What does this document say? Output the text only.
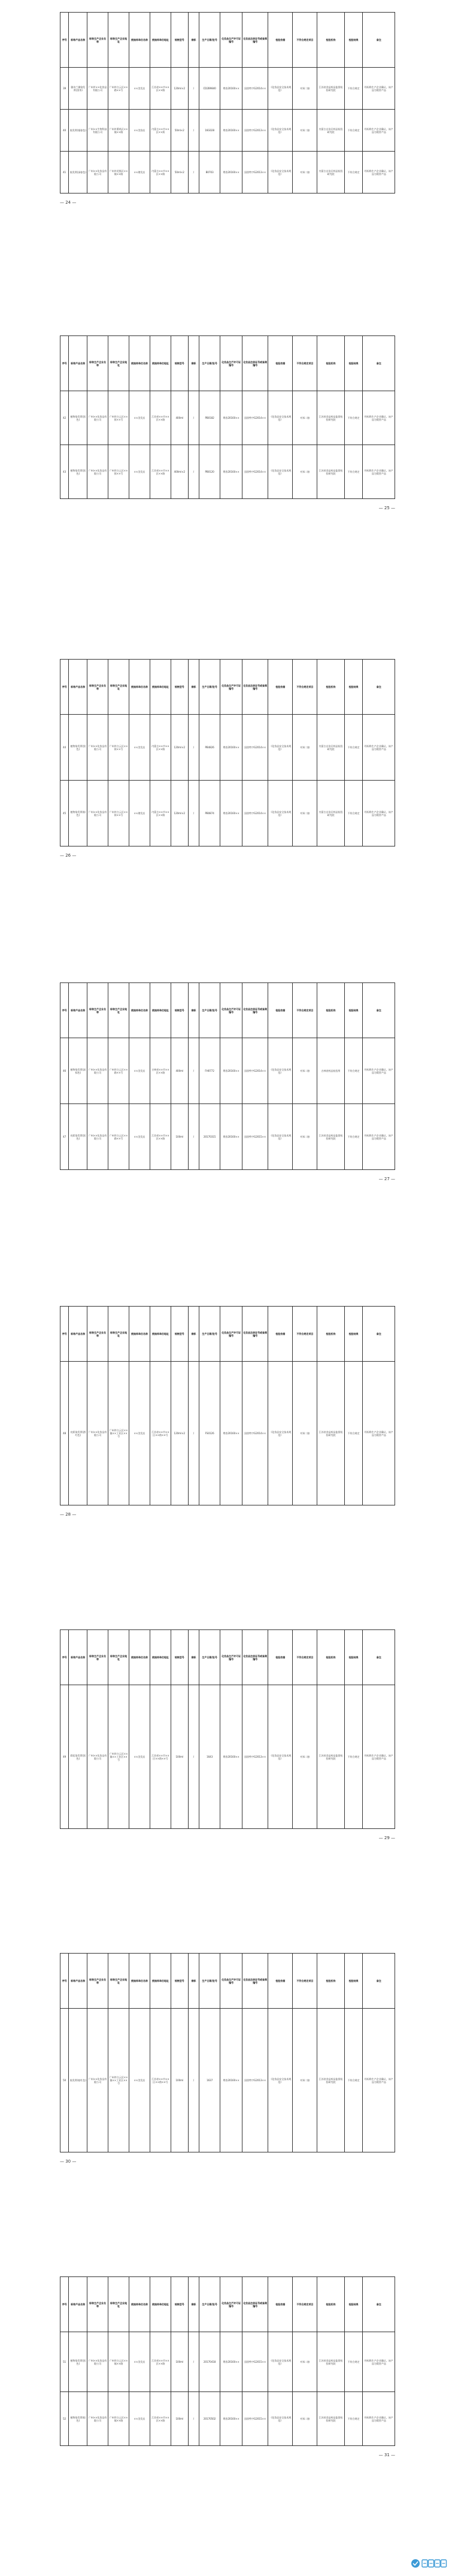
序号	标称产品名称	标称生产企业名称	标称生产企业地址	被抽样单位名称	被抽样单位地址	规格型号	商标	生产日期/批号	化妆品生产许可证编号	化妆品注册证号或备案编号	检验依据	不符合规定项目	检验机构	检验结果	备注
39	雅诗兰黛染发膏(黑茶)	广州市××化妆品有限公司	广州市白云区××路××号	××美发店	江苏省××市××区××路	120ml×2	/	CD2B9840	粤妆20160××	国妆特字G2014××	《化妆品安全技术规范》	对苯二胺	江苏省食品药品监督检验研究院	不符合规定	经标称生产企业确认，该产品为假冒产品
40	染发膏(栗棕色)	广州××生物科技有限公司	广州市番禺区××镇××路	××美容店	内蒙古××市××区××街	50ml×2	/	16G028	粤妆20160××	国妆特字G2013××	《化妆品安全技术规范》	对苯二胺	内蒙古自治区药品检验研究院	不符合规定	经标称生产企业确认，该产品为假冒产品
41	染发膏(深棕色)	广州××化妆品有限公司	广州市花都区××镇××路	××理发店	内蒙古××市××区××路	50ml×2	/	B0703	粤妆20160××	国妆特字G2013××	《化妆品安全技术规范》	对苯二胺	内蒙古自治区药品检验研究院	不符合规定	经标称生产企业确认，该产品为假冒产品
— 24 —
序号	标称产品名称	标称生产企业名称	标称生产企业地址	被抽样单位名称	被抽样单位地址	规格型号	商标	生产日期/批号	化妆品生产许可证编号	化妆品注册证号或备案编号	检验依据	不符合规定项目	检验机构	检验结果	备注
42	植物染发膏(黑色)	广州××化妆品有限公司	广州市白云区××街××号	××美发店	江苏省××市××区××路	400ml	/	PB0182	粤妆20160××	国妆特字G2014××	《化妆品安全技术规范》	对苯二胺	江苏省食品药品监督检验研究院	不符合规定	经标称生产企业确认，该产品为假冒产品
43	植物染发膏(黑色)	广州××化妆品有限公司	广州市白云区××街××号	××美发店	江苏省××市××区××路	400ml×2	/	PB0120	粤妆20160××	国妆特字G2014××	《化妆品安全技术规范》	对苯二胺	江苏省食品药品监督检验研究院	不符合规定	经标称生产企业确认，该产品为假冒产品
— 25 —
序号	标称产品名称	标称生产企业名称	标称生产企业地址	被抽样单位名称	被抽样单位地址	规格型号	商标	生产日期/批号	化妆品生产许可证编号	化妆品注册证号或备案编号	检验依据	不符合规定项目	检验机构	检验结果	备注
44	植物染发膏(黑色)	广州××化妆品有限公司	广州市白云区××街××号	××美发店	内蒙古××市××区××路	120ml×2	/	PB4826	粤妆20160××	国妆特字G2014××	《化妆品安全技术规范》	对苯二胺	内蒙古自治区药品检验研究院	不符合规定	经标称生产企业确认，该产品为假冒产品
45	植物染发膏(棕色)	广州××化妆品有限公司	广州市白云区××街××号	××理发店	内蒙古××市××区××路	120ml×2	/	PB0874	粤妆20160××	国妆特字G2014××	《化妆品安全技术规范》	对苯二胺	内蒙古自治区药品检验研究院	不符合规定	经标称生产企业确认，该产品为假冒产品
— 26 —
序号	标称产品名称	标称生产企业名称	标称生产企业地址	被抽样单位名称	被抽样单位地址	规格型号	商标	生产日期/批号	化妆品生产许可证编号	化妆品注册证号或备案编号	检验依据	不符合规定项目	检验机构	检验结果	备注
46	植物染发膏(深棕色)	广州××化妆品有限公司	广州市白云区××路××号	××美发店	吉林省××市××区××路	400ml	/	FH0772	粤妆20160××	国妆特字G2014××	《化妆品安全技术规范》	对苯二胺	吉林省药品检验所	不符合规定	经标称生产企业确认，该产品为假冒产品
47	亮彩染发膏(黑色)	广州××化妆品有限公司	广州市白云区××路××号	××美发店	江苏省××市××区××路	100ml	/	20170315	粤妆20160××	国妆特字G2015××	《化妆品安全技术规范》	对苯二胺	江苏省食品药品监督检验研究院	不符合规定	经标称生产企业确认，该产品为假冒产品
— 27 —
序号	标称产品名称	标称生产企业名称	标称生产企业地址	被抽样单位名称	被抽样单位地址	规格型号	商标	生产日期/批号	化妆品生产许可证编号	化妆品注册证号或备案编号	检验依据	不符合规定项目	检验机构	检验结果	备注
48	亮彩染发膏(酒红色)	广州××化妆品有限公司	广州市白云区××镇××工业区××号	××美发店	江苏省××市××区××路××号	120ml×2	/	FS0126	粤妆20160××	国妆特字G2014××	《化妆品安全技术规范》	对苯二胺	江苏省食品药品监督检验研究院	不符合规定	经标称生产企业确认，该产品为假冒产品
— 28 —
序号	标称产品名称	标称生产企业名称	标称生产企业地址	被抽样单位名称	被抽样单位地址	规格型号	商标	生产日期/批号	化妆品生产许可证编号	化妆品注册证号或备案编号	检验依据	不符合规定项目	检验机构	检验结果	备注
49	彩虹染发膏(黑色)	广州××化妆品有限公司	广州市白云区××镇××工业区××号	××美发店	江苏省××市××区××路××号	100ml	/	1643	粤妆20160××	国妆特字G2013××	《化妆品安全技术规范》	对苯二胺	江苏省食品药品监督检验研究院	不符合规定	经标称生产企业确认，该产品为假冒产品
— 29 —
序号	标称产品名称	标称生产企业名称	标称生产企业地址	被抽样单位名称	被抽样单位地址	规格型号	商标	生产日期/批号	化妆品生产许可证编号	化妆品注册证号或备案编号	检验依据	不符合规定项目	检验机构	检验结果	备注
50	染发膏(棕红色)	广州××化妆品有限公司	广州市白云区××镇××工业区××号	××美发店	江苏省××市××区××路××号	100ml	/	1637	粤妆20160××	国妆特字G2013××	《化妆品安全技术规范》	对苯二胺	江苏省食品药品监督检验研究院	不符合规定	经标称生产企业确认，该产品为假冒产品
— 30 —
序号	标称产品名称	标称生产企业名称	标称生产企业地址	被抽样单位名称	被抽样单位地址	规格型号	商标	生产日期/批号	化妆品生产许可证编号	化妆品注册证号或备案编号	检验依据	不符合规定项目	检验机构	检验结果	备注
51	植物染发膏(黑色)	广州××化妆品有限公司	广州市白云区××镇××路	××美发店	江苏省××市××区××路	100ml	/	20170418	粤妆20160××	国妆特字G2015××	《化妆品安全技术规范》	对苯二胺	江苏省食品药品监督检验研究院	不符合规定	经标称生产企业确认，该产品为假冒产品
52	植物染发膏(棕色)	广州××化妆品有限公司	广州市白云区××镇××路	××美发店	江苏省××市××区××路	100ml	/	20170502	粤妆20160××	国妆特字G2015××	《化妆品安全技术规范》	对苯二胺	江苏省食品药品监督检验研究院	不符合规定	经标称生产企业确认，该产品为假冒产品
— 31 —
